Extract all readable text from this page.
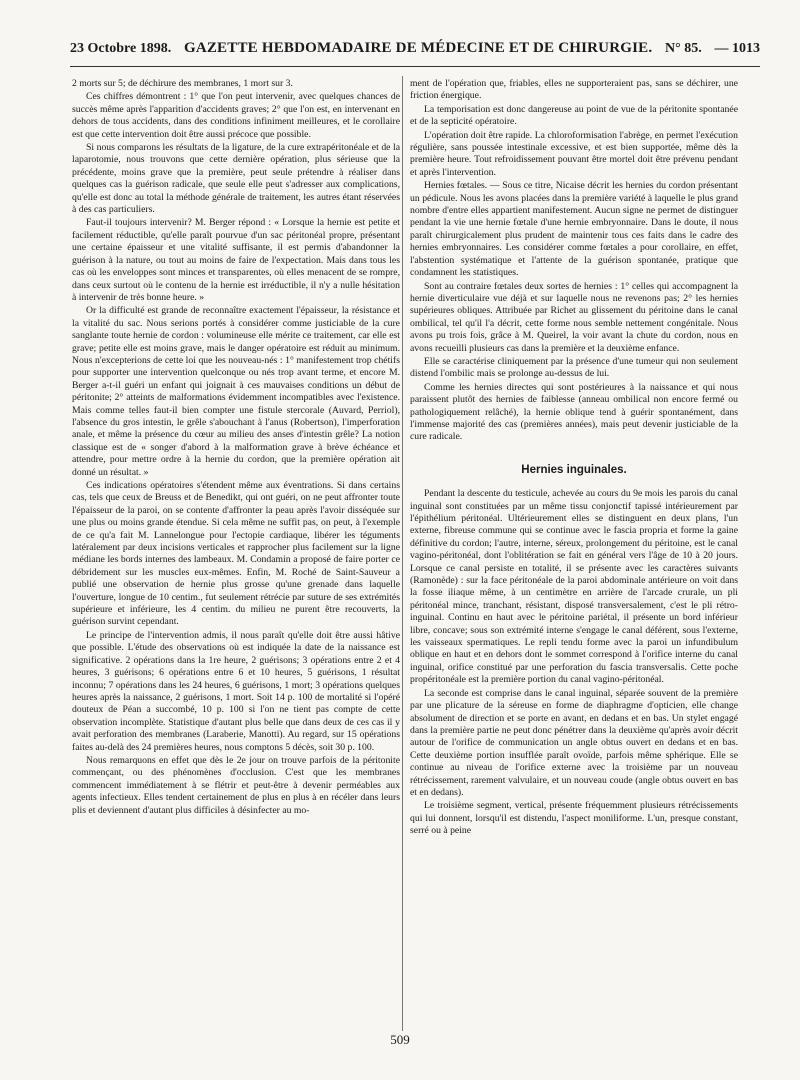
23 Octobre 1898. GAZETTE HEBDOMADAIRE DE MÉDECINE ET DE CHIRURGIE. N° 85. — 1013

2 morts sur 5; de déchirure des membranes, 1 mort sur 3.

Ces chiffres démontrent : 1° que l'on peut intervenir, avec quelques chances de succès même après l'apparition d'accidents graves; 2° que l'on est, en intervenant en dehors de tous accidents, dans des conditions infiniment meilleures, et le corollaire est que cette intervention doit être aussi précoce que possible.

Si nous comparons les résultats de la ligature, de la cure extrapéritonéale et de la laparotomie, nous trouvons que cette dernière opération, plus sérieuse que la précédente, moins grave que la première, peut seule prétendre à réaliser dans quelques cas la guérison radicale, que seule elle peut s'adresser aux complications, qu'elle est donc au total la méthode générale de traitement, les autres étant réservées à des cas particuliers.

Faut-il toujours intervenir? M. Berger répond : « Lorsque la hernie est petite et facilement réductible, qu'elle paraît pourvue d'un sac péritonéal propre, présentant une certaine épaisseur et une vitalité suffisante, il est permis d'abandonner la guérison à la nature, ou tout au moins de faire de l'expectation. Mais dans tous les cas où les enveloppes sont minces et transparentes, où elles menacent de se rompre, dans ceux surtout où le contenu de la hernie est irréductible, il n'y a nulle hésitation à intervenir de très bonne heure. »

Or la difficulté est grande de reconnaître exactement l'épaisseur, la résistance et la vitalité du sac. Nous serions portés à considérer comme justiciable de la cure sanglante toute hernie de cordon : volumineuse elle mérite ce traitement, car elle est grave; petite elle est moins grave, mais le danger opératoire est réduit au minimum. Nous n'excepterions de cette loi que les nouveau-nés : 1° manifestement trop chétifs pour supporter une intervention quelconque ou nés trop avant terme, et encore M. Berger a-t-il guéri un enfant qui joignait à ces mauvaises conditions un début de péritonite; 2° atteints de malformations évidemment incompatibles avec l'existence. Mais comme telles faut-il bien compter une fistule stercorale (Auvard, Perriol), l'absence du gros intestin, le grêle s'abouchant à l'anus (Robertson), l'imperforation anale, et même la présence du cœur au milieu des anses d'intestin grêle? La notion classique est de « songer d'abord à la malformation grave à brève échéance et attendre, pour mettre ordre à la hernie du cordon, que la première opération ait donné un résultat. »

Ces indications opératoires s'étendent même aux éventrations. Si dans certains cas, tels que ceux de Breuss et de Benedikt, qui ont guéri, on ne peut affronter toute l'épaisseur de la paroi, on se contente d'affronter la peau après l'avoir disséquée sur une plus ou moins grande étendue. Si cela même ne suffit pas, on peut, à l'exemple de ce qu'a fait M. Lannelongue pour l'ectopie cardiaque, libérer les téguments latéralement par deux incisions verticales et rapprocher plus facilement sur la ligne médiane les bords internes des lambeaux. M. Condamin a proposé de faire porter ce débridement sur les muscles eux-mêmes. Enfin, M. Roché de Saint-Sauveur a publié une observation de hernie plus grosse qu'une grenade dans laquelle l'ouverture, longue de 10 centim., fut seulement rétrécie par suture de ses extrémités supérieure et inférieure, les 4 centim. du milieu ne purent être recouverts, la guérison survint cependant.

Le principe de l'intervention admis, il nous paraît qu'elle doit être aussi hâtive que possible. L'étude des observations où est indiquée la date de la naissance est significative. 2 opérations dans la 1re heure, 2 guérisons; 3 opérations entre 2 et 4 heures, 3 guérisons; 6 opérations entre 6 et 10 heures, 5 guérisons, 1 résultat inconnu; 7 opérations dans les 24 heures, 6 guérisons, 1 mort; 3 opérations quelques heures après la naissance, 2 guérisons, 1 mort. Soit 14 p. 100 de mortalité si l'opéré douteux de Péan a succombé, 10 p. 100 si l'on ne tient pas compte de cette observation incomplète. Statistique d'autant plus belle que dans deux de ces cas il y avait perforation des membranes (Laraberie, Manotti). Au regard, sur 15 opérations faites au-delà des 24 premières heures, nous comptons 5 décès, soit 30 p. 100.

Nous remarquons en effet que dès le 2e jour on trouve parfois de la péritonite commençant, ou des phénomènes d'occlusion. C'est que les membranes commencent immédiatement à se flétrir et peut-être à devenir perméables aux agents infectieux. Elles tendent certainement de plus en plus à en récéler dans leurs plis et deviennent d'autant plus difficiles à désinfecter au mo-

ment de l'opération que, friables, elles ne supporteraient pas, sans se déchirer, une friction énergique.

La temporisation est donc dangereuse au point de vue de la péritonite spontanée et de la septicité opératoire.

L'opération doit être rapide. La chloroformisation l'abrège, en permet l'exécution régulière, sans poussée intestinale excessive, et est bien supportée, même dès la première heure. Tout refroidissement pouvant être mortel doit être prévenu pendant et après l'intervention.

Hernies fœtales. — Sous ce titre, Nicaise décrit les hernies du cordon présentant un pédicule. Nous les avons placées dans la première variété à laquelle le plus grand nombre d'entre elles appartient manifestement. Aucun signe ne permet de distinguer pendant la vie une hernie fœtale d'une hernie embryonnaire. Dans le doute, il nous paraît chirurgicalement plus prudent de maintenir tous ces faits dans le cadre des hernies embryonnaires. Les considérer comme fœtales a pour corollaire, en effet, l'abstention systématique et l'attente de la guérison spontanée, pratique que condamnent les statistiques.

Sont au contraire fœtales deux sortes de hernies : 1° celles qui accompagnent la hernie diverticulaire vue déjà et sur laquelle nous ne revenons pas; 2° les hernies supérieures obliques. Attribuée par Richet au glissement du péritoine dans le canal ombilical, tel qu'il l'a décrit, cette forme nous semble nettement congénitale. Nous avons pu trois fois, grâce à M. Queirel, la voir avant la chute du cordon, nous en avons recueilli plusieurs cas dans la première et la deuxième enfance.

Elle se caractérise cliniquement par la présence d'une tumeur qui non seulement distend l'ombilic mais se prolonge au-dessus de lui.

Comme les hernies directes qui sont postérieures à la naissance et qui nous paraissent plutôt des hernies de faiblesse (anneau ombilical non encore fermé ou pathologiquement relâché), la hernie oblique tend à guérir spontanément, dans l'immense majorité des cas (premières années), mais peut devenir justiciable de la cure radicale.

Hernies inguinales.

Pendant la descente du testicule, achevée au cours du 9e mois les parois du canal inguinal sont constituées par un même tissu conjonctif tapissé intérieurement par l'épithélium péritonéal. Ultérieurement elles se distinguent en deux plans, l'un externe, fibreuse commune qui se continue avec le fascia propria et forme la gaine définitive du cordon; l'autre, interne, séreux, prolongement du péritoine, est le canal vagino-péritonéal, dont l'oblitération se fait en général vers l'âge de 10 à 20 jours. Lorsque ce canal persiste en totalité, il se présente avec les caractères suivants (Ramonède) : sur la face péritonéale de la paroi abdominale antérieure on voit dans la fosse iliaque même, à un centimètre en arrière de l'arcade crurale, un pli péritonéal mince, tranchant, résistant, disposé transversalement, c'est le pli rétro-inguinal. Continu en haut avec le péritoine pariétal, il présente un bord inférieur libre, concave; sous son extrémité interne s'engage le canal déférent, sous l'externe, les vaisseaux spermatiques. Le repli tendu forme avec la paroi un infundibulum oblique en haut et en dehors dont le sommet correspond à l'orifice interne du canal inguinal, orifice constitué par une perforation du fascia transversalis. Cette poche propéritonéale est la première portion du canal vagino-péritonéal.

La seconde est comprise dans le canal inguinal, séparée souvent de la première par une plicature de la séreuse en forme de diaphragme d'opticien, elle change absolument de direction et se porte en avant, en dedans et en bas. Un stylet engagé dans la première partie ne peut donc pénétrer dans la deuxième qu'après avoir décrit autour de l'orifice de communication un angle obtus ouvert en dedans et en bas. Cette deuxième portion insufflée paraît ovoïde, parfois même sphérique. Elle se continue au niveau de l'orifice externe avec la troisième par un nouveau rétrécissement, rarement valvulaire, et un nouveau coude (angle obtus ouvert en bas et en dedans).

Le troisième segment, vertical, présente fréquemment plusieurs rétrécissements qui lui donnent, lorsqu'il est distendu, l'aspect moniliforme. L'un, presque constant, serré ou à peine

509
